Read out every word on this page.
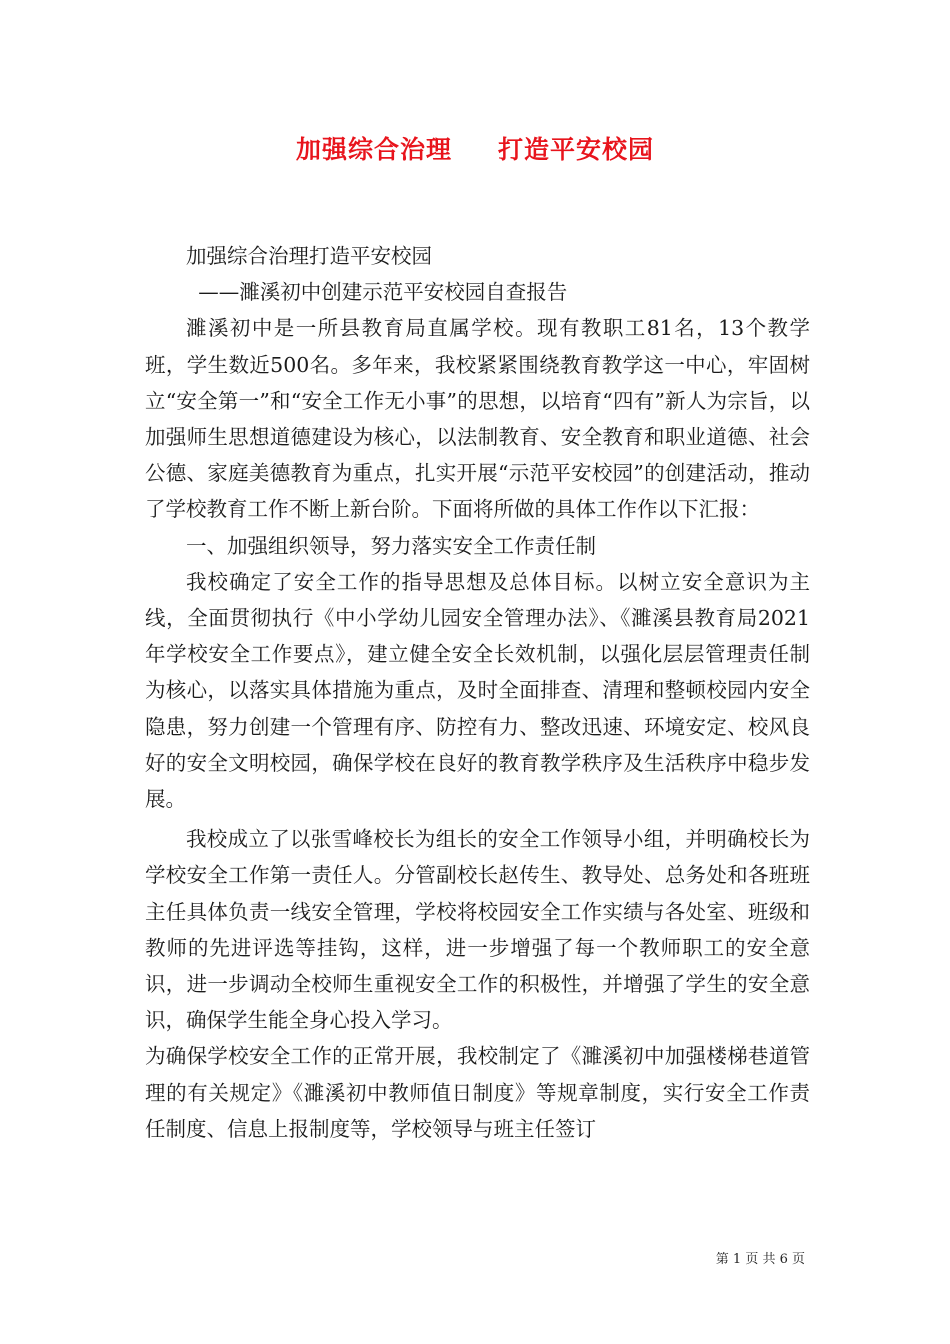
加强综合治理 打造平安校园

加强综合治理打造平安校园

——濉溪初中创建示范平安校园自查报告

濉溪初中是一所县教育局直属学校。现有教职工81名，13个教学班，学生数近500名。多年来，我校紧紧围绕教育教学这一中心，牢固树立“安全第一”和“安全工作无小事”的思想，以培育“四有”新人为宗旨，以加强师生思想道德建设为核心，以法制教育、安全教育和职业道德、社会公德、家庭美德教育为重点，扎实开展“示范平安校园”的创建活动，推动了学校教育工作不断上新台阶。下面将所做的具体工作作以下汇报：

一、加强组织领导，努力落实安全工作责任制

我校确定了安全工作的指导思想及总体目标。以树立安全意识为主线，全面贯彻执行《中小学幼儿园安全管理办法》、《濉溪县教育局2021年学校安全工作要点》，建立健全安全长效机制，以强化层层管理责任制为核心，以落实具体措施为重点，及时全面排查、清理和整顿校园内安全隐患，努力创建一个管理有序、防控有力、整改迅速、环境安定、校风良好的安全文明校园，确保学校在良好的教育教学秩序及生活秩序中稳步发展。

我校成立了以张雪峰校长为组长的安全工作领导小组，并明确校长为学校安全工作第一责任人。分管副校长赵传生、教导处、总务处和各班班主任具体负责一线安全管理，学校将校园安全工作实绩与各处室、班级和教师的先进评选等挂钩，这样，进一步增强了每一个教师职工的安全意识，进一步调动全校师生重视安全工作的积极性，并增强了学生的安全意识，确保学生能全身心投入学习。

为确保学校安全工作的正常开展，我校制定了《濉溪初中加强楼梯巷道管理的有关规定》《濉溪初中教师值日制度》等规章制度，实行安全工作责任制度、信息上报制度等，学校领导与班主任签订

第 1 页 共 6 页
